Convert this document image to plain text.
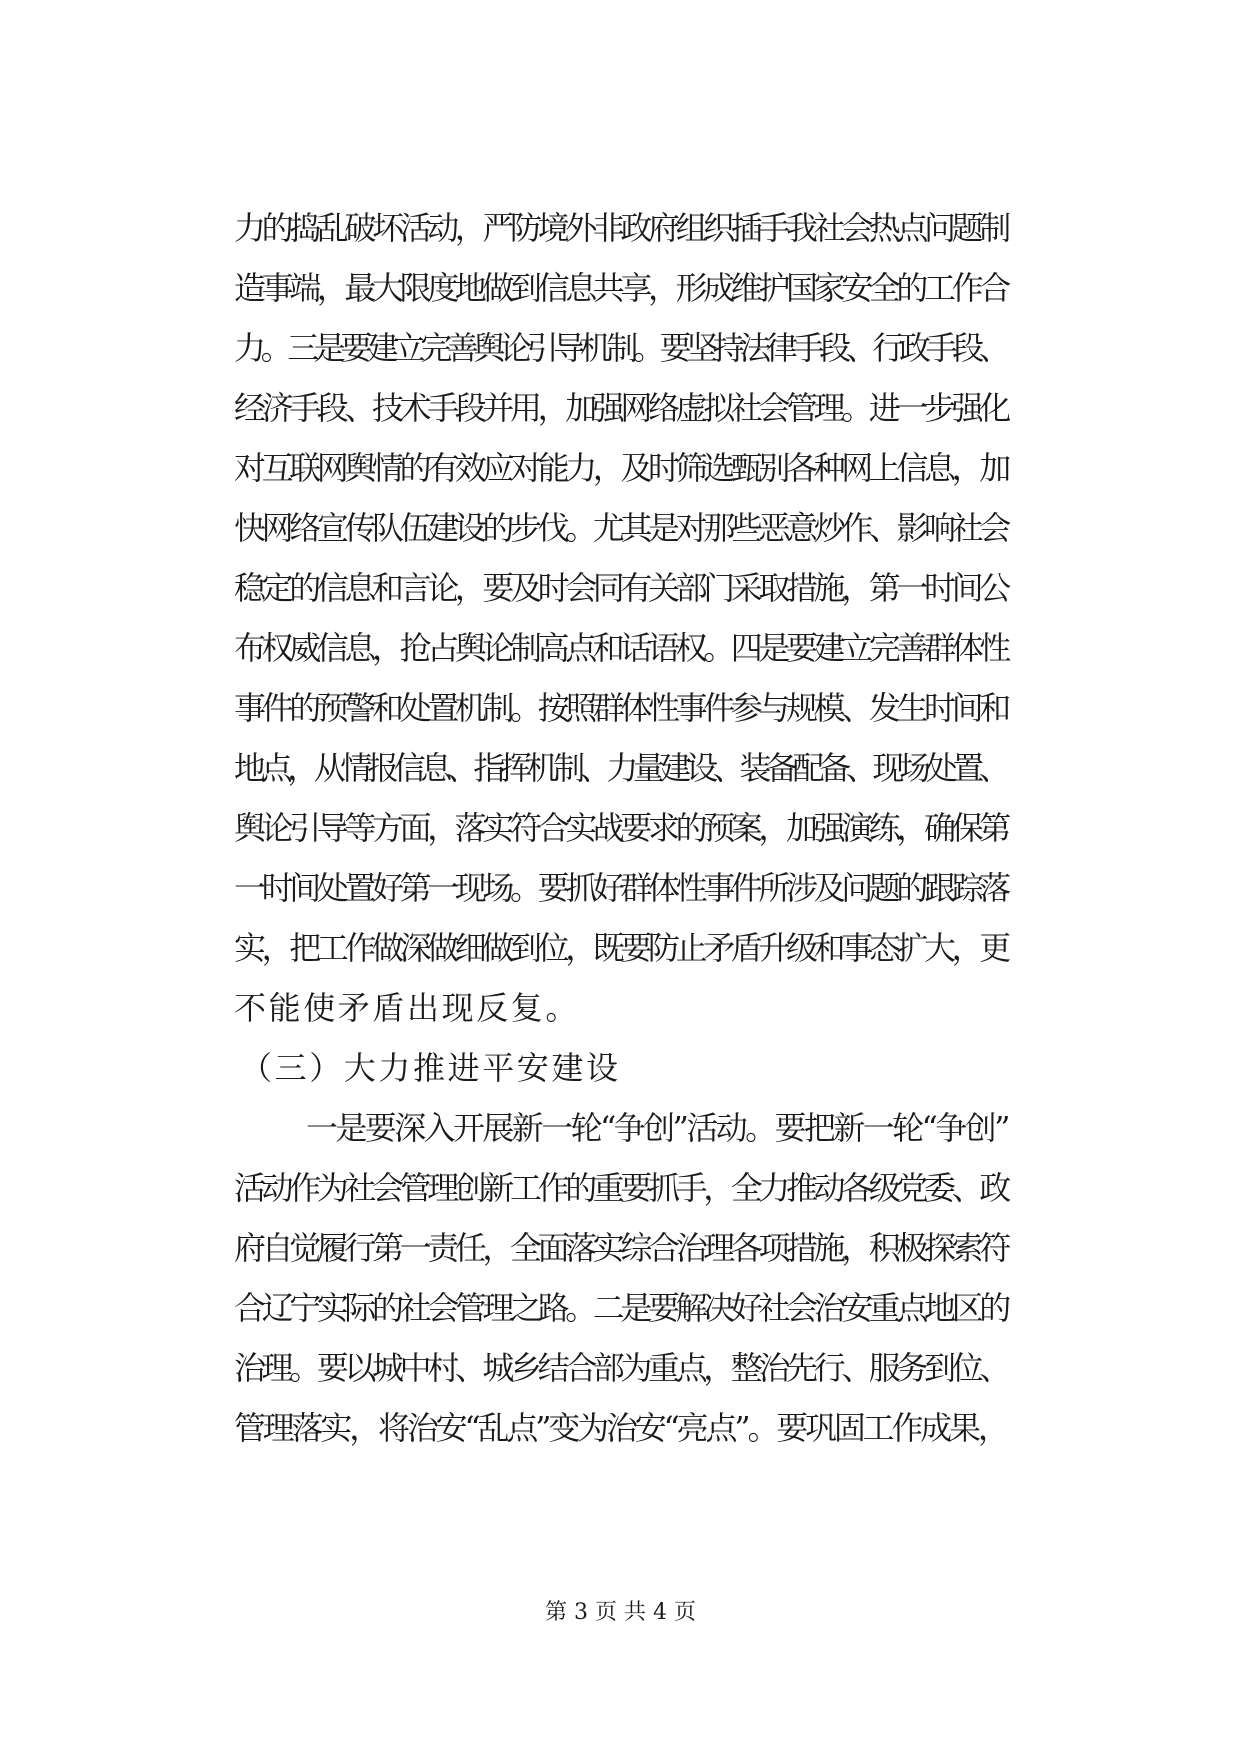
力的捣乱破坏活动，严防境外非政府组织插手我社会热点问题制
造事端，最大限度地做到信息共享，形成维护国家安全的工作合
力。三是要建立完善舆论引导机制。要坚持法律手段、行政手段、
经济手段、技术手段并用，加强网络虚拟社会管理。进一步强化
对互联网舆情的有效应对能力，及时筛选甄别各种网上信息，加
快网络宣传队伍建设的步伐。尤其是对那些恶意炒作、影响社会
稳定的信息和言论，要及时会同有关部门采取措施，第一时间公
布权威信息，抢占舆论制高点和话语权。四是要建立完善群体性
事件的预警和处置机制。按照群体性事件参与规模、发生时间和
地点，从情报信息、指挥机制、力量建设、装备配备、现场处置、
舆论引导等方面，落实符合实战要求的预案，加强演练，确保第
一时间处置好第一现场。要抓好群体性事件所涉及问题的跟踪落
实，把工作做深做细做到位，既要防止矛盾升级和事态扩大，更
不能使矛盾出现反复。
（三）大力推进平安建设
一是要深入开展新一轮“争创”活动。要把新一轮“争创”
活动作为社会管理创新工作的重要抓手，全力推动各级党委、政
府自觉履行第一责任，全面落实综合治理各项措施，积极探索符
合辽宁实际的社会管理之路。二是要解决好社会治安重点地区的
治理。要以城中村、城乡结合部为重点，整治先行、服务到位、
管理落实，将治安“乱点”变为治安“亮点”。要巩固工作成果，
第 3 页 共 4 页
